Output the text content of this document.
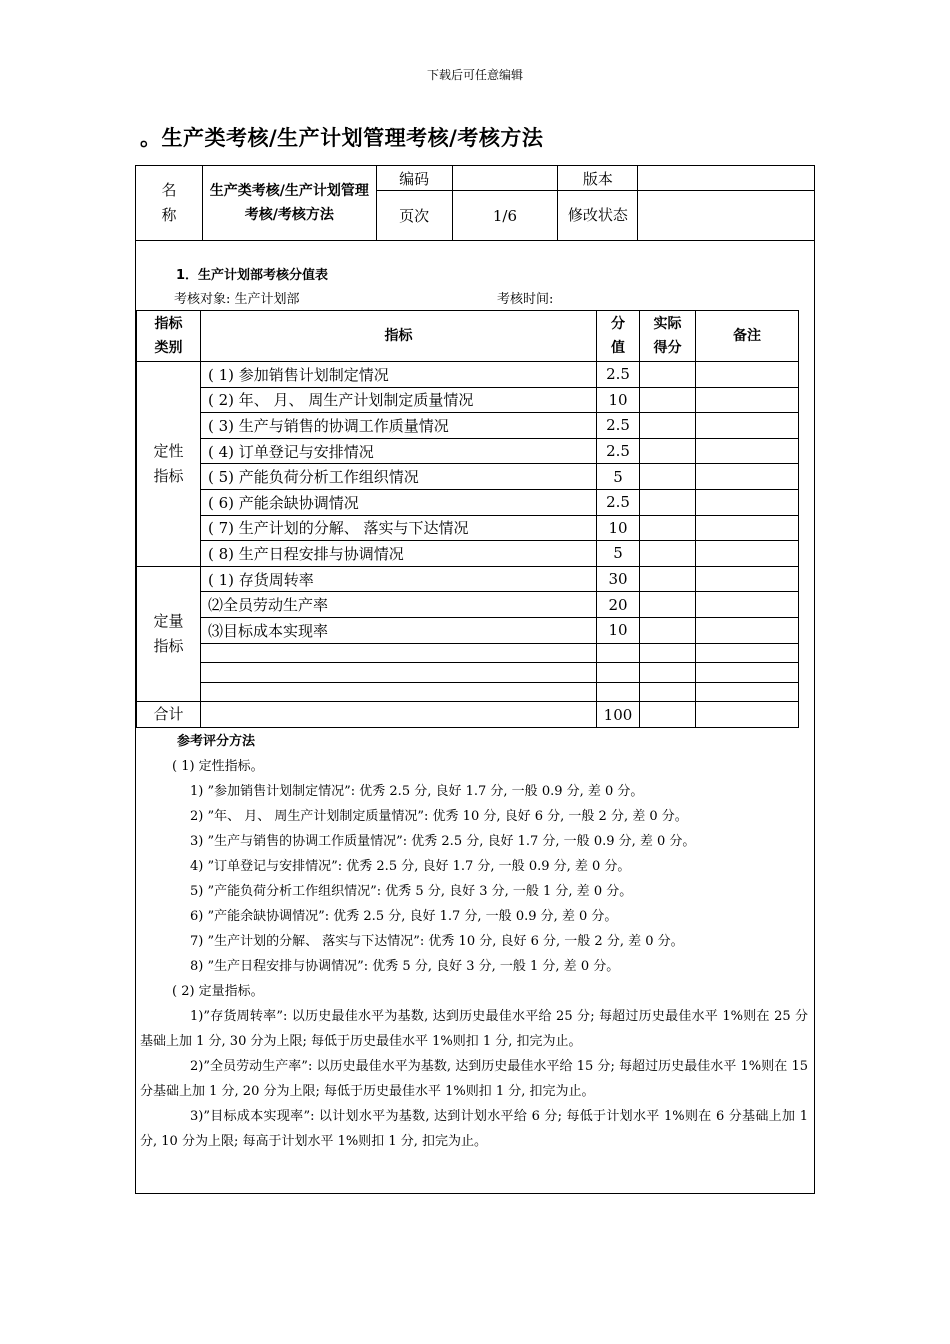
下载后可任意编辑
。生产类考核/生产计划管理考核/考核方法
名
称	生产类考核/生产计划管理考核/考核方法	编码		版本	
		页次	1/6	修改状态	
1．生产计划部考核分值表
考核对象: 生产计划部	考核时间:
指标类别	指标	分值	实际得分	备注
定性指标	( 1) 参加销售计划制定情况	2.5		
	( 2) 年、 月、 周生产计划制定质量情况	10		
	( 3) 生产与销售的协调工作质量情况	2.5		
	( 4) 订单登记与安排情况	2.5		
	( 5) 产能负荷分析工作组织情况	5		
	( 6) 产能余缺协调情况	2.5		
	( 7) 生产计划的分解、 落实与下达情况	10		
	( 8) 生产日程安排与协调情况	5		
定量指标	( 1) 存货周转率	30		
	⑵全员劳动生产率	20		
	⑶目标成本实现率	10		

合计		100		
参考评分方法
( 1) 定性指标。
1) ”参加销售计划制定情况”: 优秀 2.5 分, 良好 1.7 分, 一般 0.9 分, 差 0 分。
2) ”年、 月、 周生产计划制定质量情况”: 优秀 10 分, 良好 6 分, 一般 2 分, 差 0 分。
3) ”生产与销售的协调工作质量情况”: 优秀 2.5 分, 良好 1.7 分, 一般 0.9 分, 差 0 分。
4) ”订单登记与安排情况”: 优秀 2.5 分, 良好 1.7 分, 一般 0.9 分, 差 0 分。
5) ”产能负荷分析工作组织情况”: 优秀 5 分, 良好 3 分, 一般 1 分, 差 0 分。
6) ”产能余缺协调情况”: 优秀 2.5 分, 良好 1.7 分, 一般 0.9 分, 差 0 分。
7) ”生产计划的分解、 落实与下达情况”: 优秀 10 分, 良好 6 分, 一般 2 分, 差 0 分。
8) ”生产日程安排与协调情况”: 优秀 5 分, 良好 3 分, 一般 1 分, 差 0 分。
( 2) 定量指标。
1)”存货周转率”: 以历史最佳水平为基数, 达到历史最佳水平给 25 分; 每超过历史最佳水平 1%则在 25 分基础上加 1 分, 30 分为上限; 每低于历史最佳水平 1%则扣 1 分, 扣完为止。
2)”全员劳动生产率”: 以历史最佳水平为基数, 达到历史最佳水平给 15 分; 每超过历史最佳水平 1%则在 15 分基础上加 1 分, 20 分为上限; 每低于历史最佳水平 1%则扣 1 分, 扣完为止。
3)”目标成本实现率”: 以计划水平为基数, 达到计划水平给 6 分; 每低于计划水平 1%则在 6 分基础上加 1 分, 10 分为上限; 每高于计划水平 1%则扣 1 分, 扣完为止。
